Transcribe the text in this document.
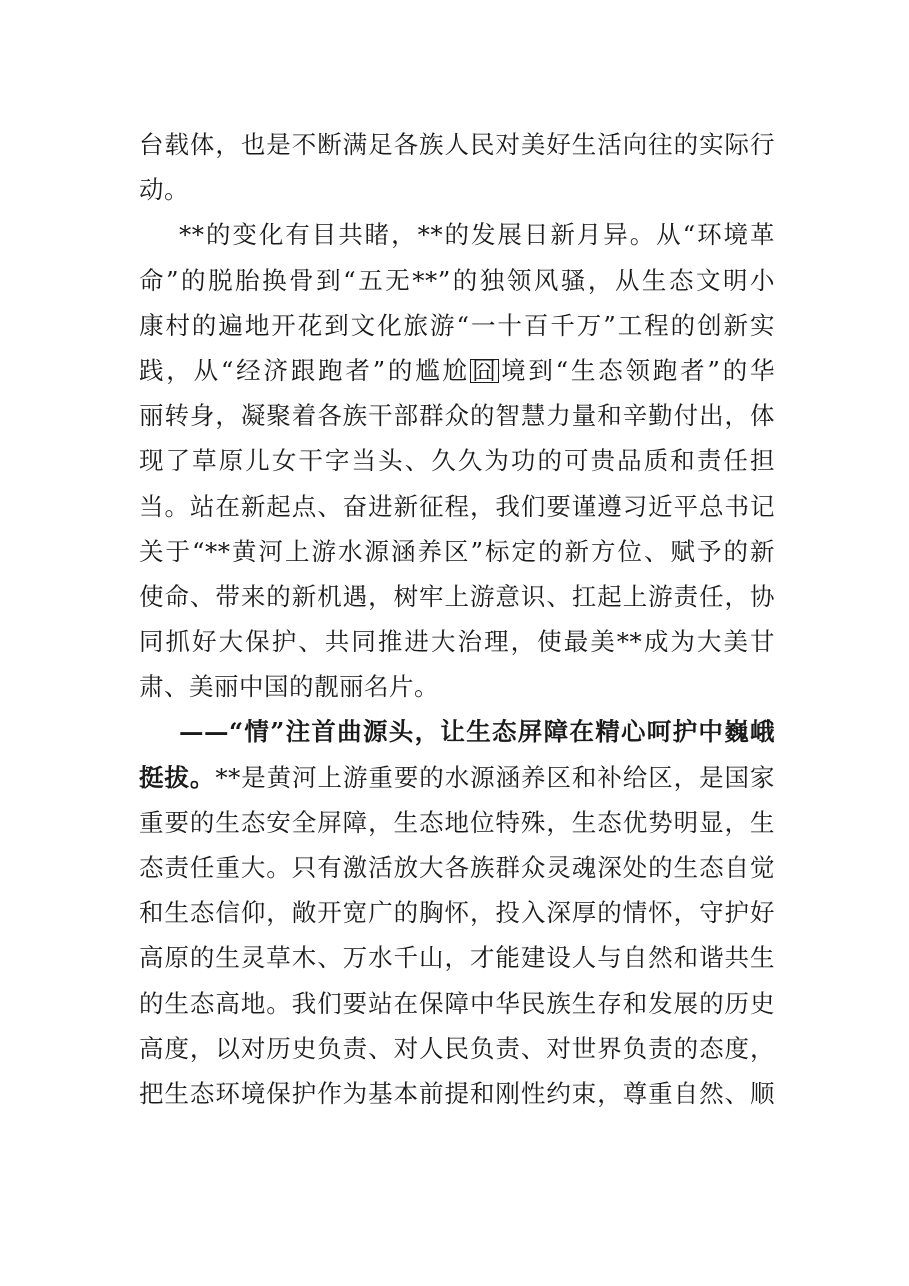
台载体，也是不断满足各族人民对美好生活向往的实际行
动。
**的变化有目共睹，**的发展日新月异。从“环境革
命”的脱胎换骨到“五无**”的独领风骚，从生态文明小
康村的遍地开花到文化旅游“一十百千万”工程的创新实
践，从“经济跟跑者”的尴尬囧境到“生态领跑者”的华
丽转身，凝聚着各族干部群众的智慧力量和辛勤付出，体
现了草原儿女干字当头、久久为功的可贵品质和责任担
当。站在新起点、奋进新征程，我们要谨遵习近平总书记
关于“**黄河上游水源涵养区”标定的新方位、赋予的新
使命、带来的新机遇，树牢上游意识、扛起上游责任，协
同抓好大保护、共同推进大治理，使最美**成为大美甘
肃、美丽中国的靓丽名片。
——“情”注首曲源头，让生态屏障在精心呵护中巍峨
挺拔。**是黄河上游重要的水源涵养区和补给区，是国家
重要的生态安全屏障，生态地位特殊，生态优势明显，生
态责任重大。只有激活放大各族群众灵魂深处的生态自觉
和生态信仰，敞开宽广的胸怀，投入深厚的情怀，守护好
高原的生灵草木、万水千山，才能建设人与自然和谐共生
的生态高地。我们要站在保障中华民族生存和发展的历史
高度，以对历史负责、对人民负责、对世界负责的态度，
把生态环境保护作为基本前提和刚性约束，尊重自然、顺
